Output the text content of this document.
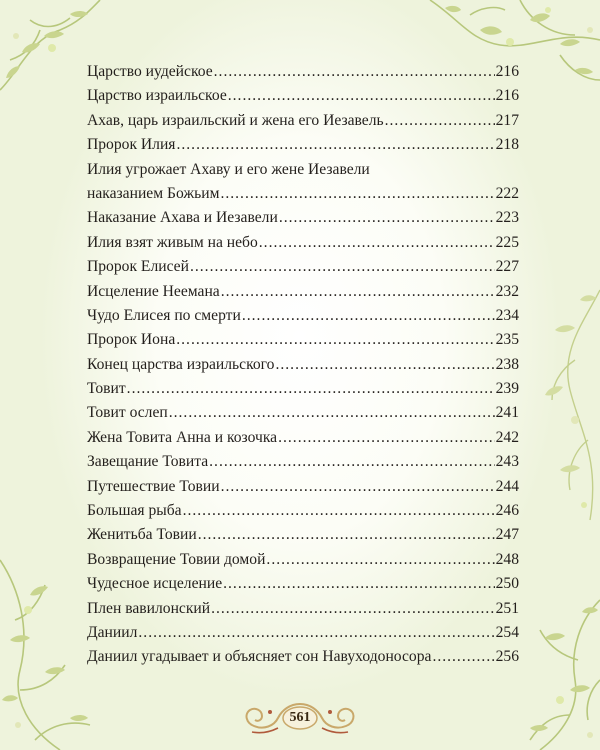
Царство иудейское .....	216
Царство израильское .....	216
Ахав, царь израильский и жена его Иезавель .....	217
Пророк Илия .....	218
Илия угрожает Ахаву и его жене Иезавели
наказанием Божьим .....	222
Наказание Ахава и Иезавели .....	223
Илия взят живым на небо .....	225
Пророк Елисей .....	227
Исцеление Неемана .....	232
Чудо Елисея по смерти .....	234
Пророк Иона .....	235
Конец царства израильского .....	238
Товит .....	239
Товит ослеп .....	241
Жена Товита Анна и козочка .....	242
Завещание Товита .....	243
Путешествие Товии .....	244
Большая рыба .....	246
Женитьба Товии .....	247
Возвращение Товии домой .....	248
Чудесное исцеление .....	250
Плен вавилонский .....	251
Даниил .....	254
Даниил угадывает и объясняет сон Навуходоносора .....	256
561
